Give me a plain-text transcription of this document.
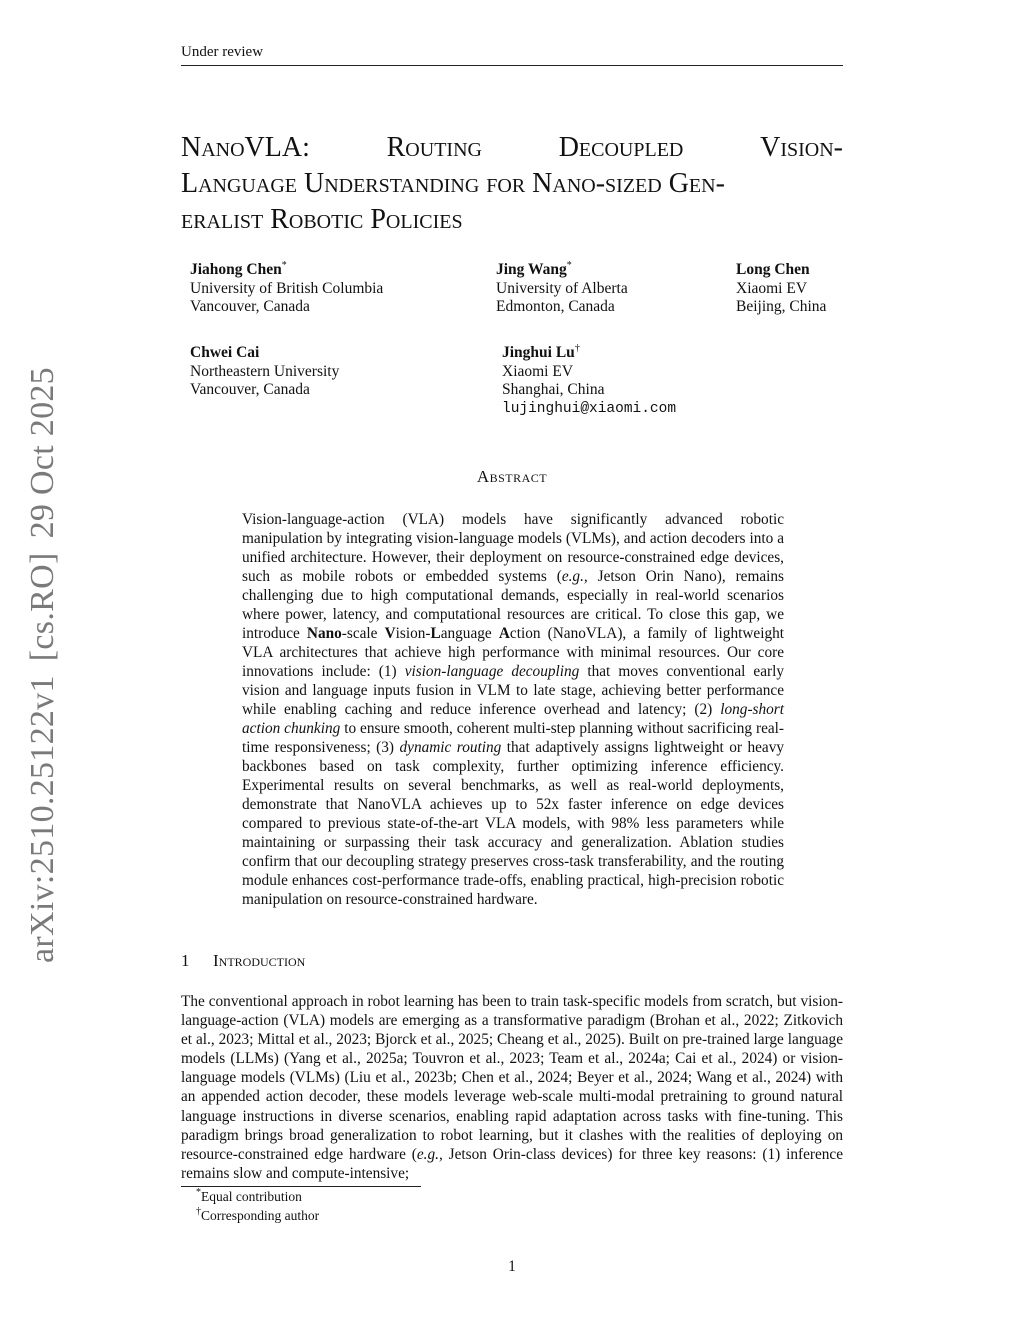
Under review
arXiv:2510.25122v1[cs.RO]29 Oct 2025
NanoVLA:	Routing	Decoupled	Vision-
Language Understanding for Nano-sized Gen-
eralist Robotic Policies
Jiahong Chen*
University of British Columbia
Vancouver, Canada
Jing Wang*
University of Alberta
Edmonton, Canada
Long Chen
Xiaomi EV
Beijing, China
Chwei Cai
Northeastern University
Vancouver, Canada
Jinghui Lu†
Xiaomi EV
Shanghai, China
lujinghui@xiaomi.com
Abstract
Vision-language-action (VLA) models have significantly advanced robotic manipulation by integrating vision-language models (VLMs), and action decoders into a unified architecture. However, their deployment on resource-constrained edge devices, such as mobile robots or embedded systems (e.g., Jetson Orin Nano), remains challenging due to high computational demands, especially in real-world scenarios where power, latency, and computational resources are critical. To close this gap, we introduce Nano-scale Vision-Language Action (NanoVLA), a family of lightweight VLA architectures that achieve high performance with minimal resources. Our core innovations include: (1) vision-language decoupling that moves conventional early vision and language inputs fusion in VLM to late stage, achieving better performance while enabling caching and reduce inference overhead and latency; (2) long-short action chunking to ensure smooth, coherent multi-step planning without sacrificing real-time responsiveness; (3) dynamic routing that adaptively assigns lightweight or heavy backbones based on task complexity, further optimizing inference efficiency. Experimental results on several benchmarks, as well as real-world deployments, demonstrate that NanoVLA achieves up to 52x faster inference on edge devices compared to previous state-of-the-art VLA models, with 98% less parameters while maintaining or surpassing their task accuracy and generalization. Ablation studies confirm that our decoupling strategy preserves cross-task transferability, and the routing module enhances cost-performance trade-offs, enabling practical, high-precision robotic manipulation on resource-constrained hardware.
1 Introduction
The conventional approach in robot learning has been to train task-specific models from scratch, but vision-language-action (VLA) models are emerging as a transformative paradigm (Brohan et al., 2022; Zitkovich et al., 2023; Mittal et al., 2023; Bjorck et al., 2025; Cheang et al., 2025). Built on pre-trained large language models (LLMs) (Yang et al., 2025a; Touvron et al., 2023; Team et al., 2024a; Cai et al., 2024) or vision-language models (VLMs) (Liu et al., 2023b; Chen et al., 2024; Beyer et al., 2024; Wang et al., 2024) with an appended action decoder, these models leverage web-scale multi-modal pretraining to ground natural language instructions in diverse scenarios, enabling rapid adaptation across tasks with fine-tuning. This paradigm brings broad generalization to robot learning, but it clashes with the realities of deploying on resource-constrained edge hardware (e.g., Jetson Orin-class devices) for three key reasons: (1) inference remains slow and compute-intensive;
*Equal contribution
†Corresponding author
1
